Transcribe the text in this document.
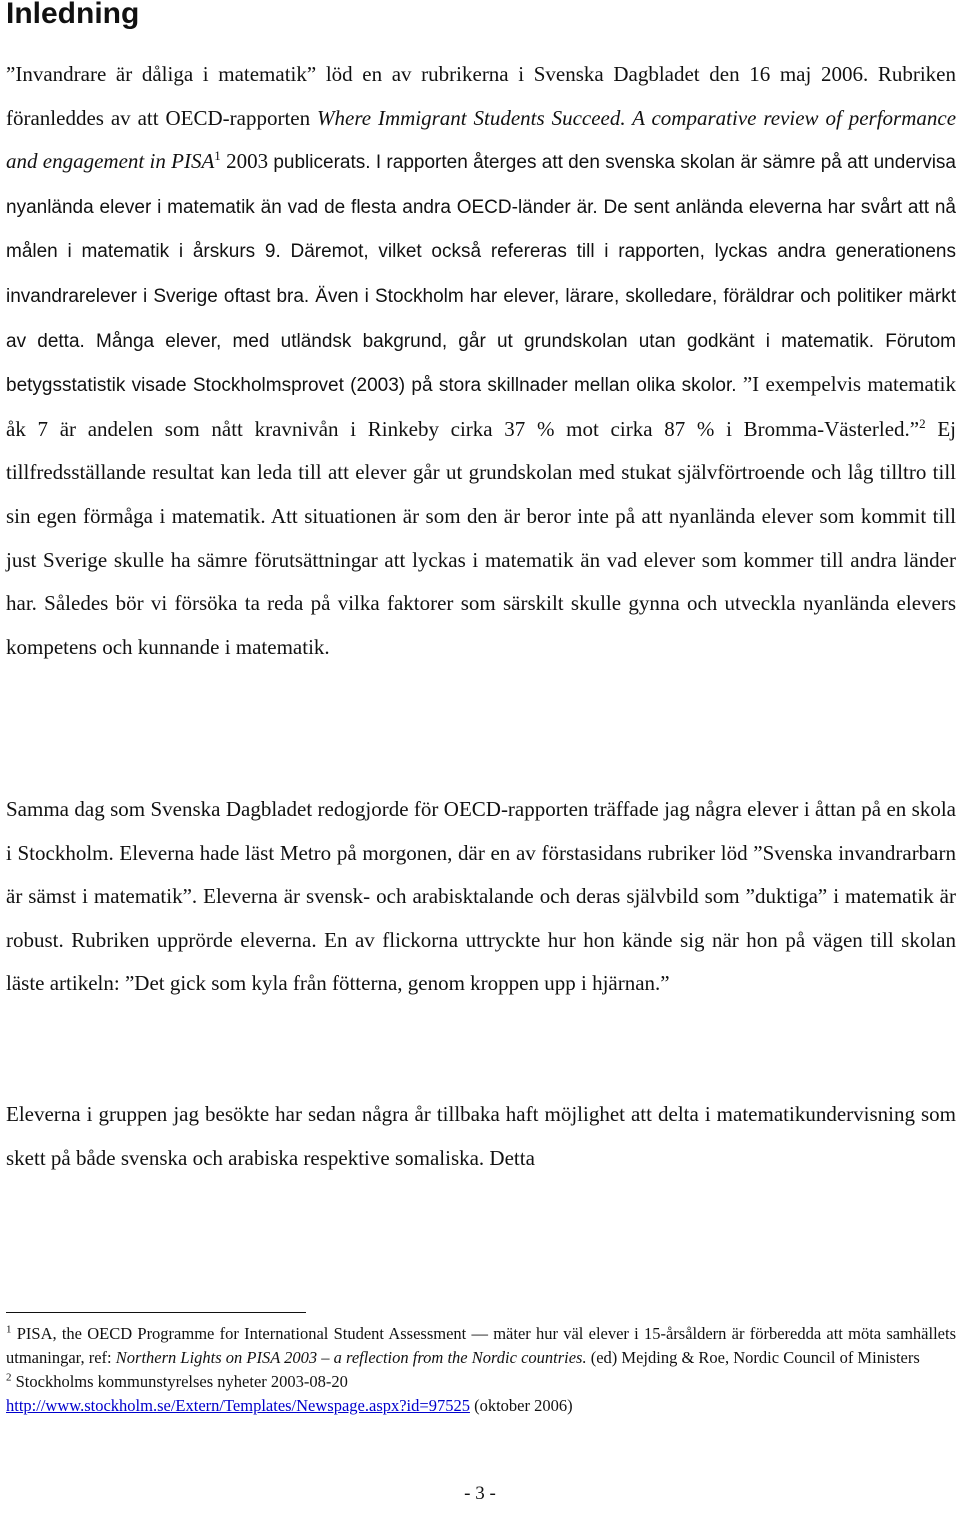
Inledning

”Invandrare är dåliga i matematik” löd en av rubrikerna i Svenska Dagbladet den 16 maj 2006. Rubriken föranleddes av att OECD-rapporten Where Immigrant Students Succeed. A comparative review of performance and engagement in PISA$^1$ 2003 publicerats. I rapporten återges att den svenska skolan är sämre på att undervisa nyanlända elever i matematik än vad de flesta andra OECD-länder är. De sent anlända eleverna har svårt att nå målen i matematik i årskurs 9. Däremot, vilket också refereras till i rapporten, lyckas andra generationens invandrarelever i Sverige oftast bra. Även i Stockholm har elever, lärare, skolledare, föräldrar och politiker märkt av detta. Många elever, med utländsk bakgrund, går ut grundskolan utan godkänt i matematik. Förutom betygsstatistik visade Stockholmsprovet (2003) på stora skillnader mellan olika skolor. ”I exempelvis matematik åk 7 är andelen som nått kravnivån i Rinkeby cirka 37 % mot cirka 87 % i Bromma-Västerled.”$^2$ Ej tillfredsställande resultat kan leda till att elever går ut grundskolan med stukat självförtroende och låg tilltro till sin egen förmåga i matematik. Att situationen är som den är beror inte på att nyanlända elever som kommit till just Sverige skulle ha sämre förutsättningar att lyckas i matematik än vad elever som kommer till andra länder har. Således bör vi försöka ta reda på vilka faktorer som särskilt skulle gynna och utveckla nyanlända elevers kompetens och kunnande i matematik.

Samma dag som Svenska Dagbladet redogjorde för OECD-rapporten träffade jag några elever i åttan på en skola i Stockholm. Eleverna hade läst Metro på morgonen, där en av förstasidans rubriker löd ”Svenska invandrarbarn är sämst i matematik”. Eleverna är svensk- och arabisktalande och deras självbild som ”duktiga” i matematik är robust. Rubriken upprörde eleverna. En av flickorna uttryckte hur hon kände sig när hon på vägen till skolan läste artikeln: ”Det gick som kyla från fötterna, genom kroppen upp i hjärnan.”

Eleverna i gruppen jag besökte har sedan några år tillbaka haft möjlighet att delta i matematikundervisning som skett på både svenska och arabiska respektive somaliska. Detta

$^1$ PISA, the OECD Programme for International Student Assessment — mäter hur väl elever i 15-årsåldern är förberedda att möta samhällets utmaningar, ref: Northern Lights on PISA 2003 – a reflection from the Nordic countries. (ed) Mejding & Roe, Nordic Council of Ministers
$^2$ Stockholms kommunstyrelses nyheter 2003-08-20
http://www.stockholm.se/Extern/Templates/Newspage.aspx?id=97525 (oktober 2006)
- 3 -
